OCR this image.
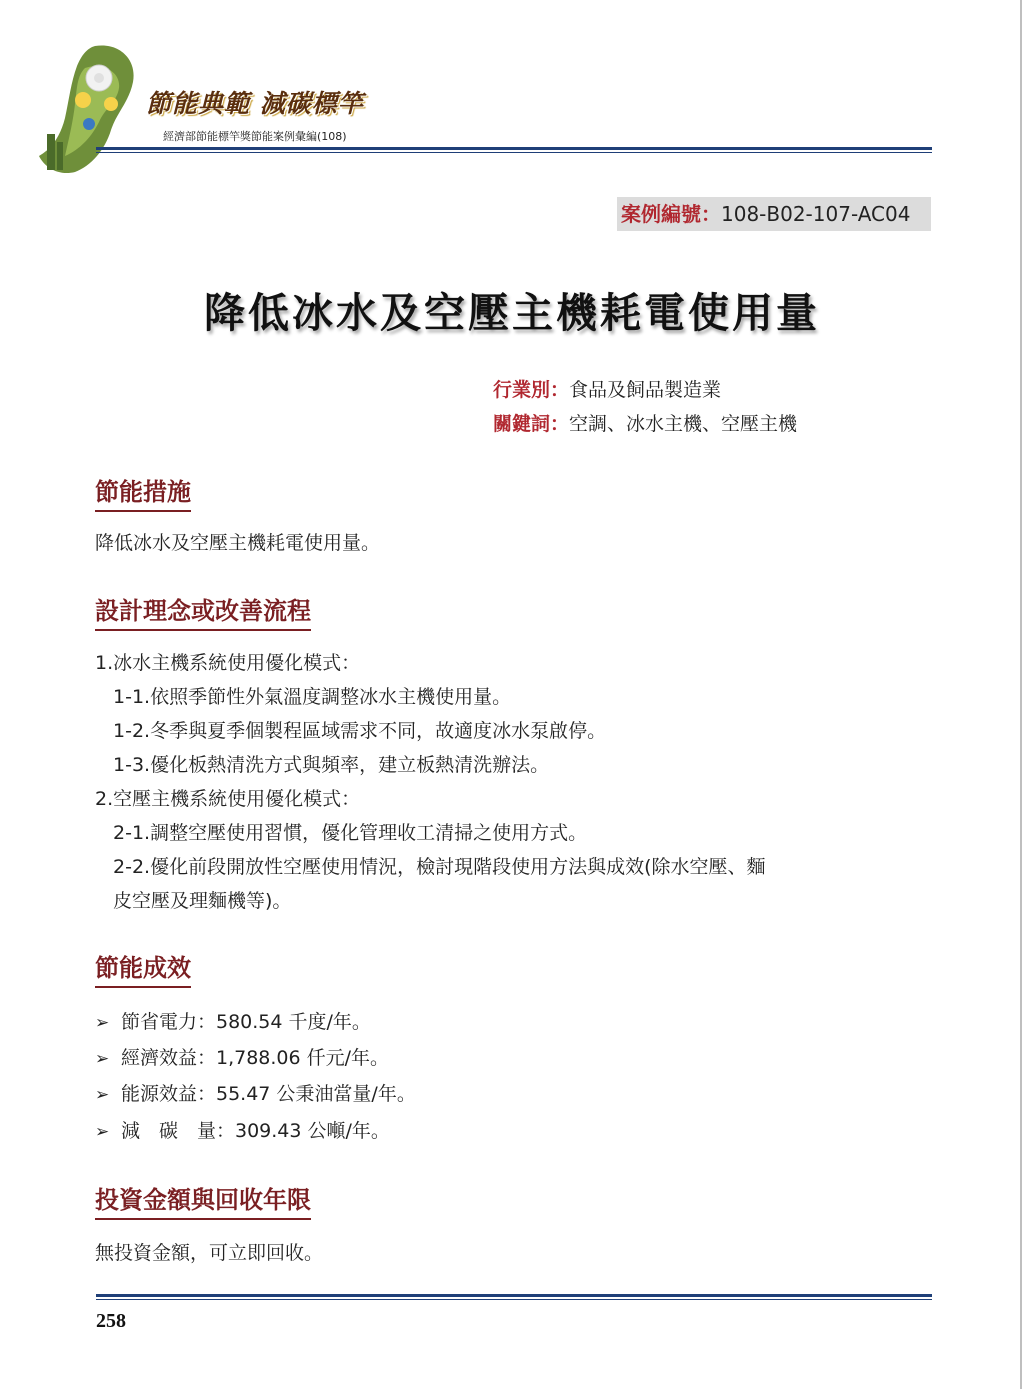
節能典範 減碳標竿
經濟部節能標竿獎節能案例彙編(108)
案例編號：108-B02-107-AC04
降低冰水及空壓主機耗電使用量
行業別：食品及飼品製造業
關鍵詞：空調、冰水主機、空壓主機
節能措施
降低冰水及空壓主機耗電使用量。
設計理念或改善流程
1.冰水主機系統使用優化模式：
1-1.依照季節性外氣溫度調整冰水主機使用量。
1-2.冬季與夏季個製程區域需求不同，故適度冰水泵啟停。
1-3.優化板熱清洗方式與頻率，建立板熱清洗辦法。
2.空壓主機系統使用優化模式：
2-1.調整空壓使用習慣，優化管理收工清掃之使用方式。
2-2.優化前段開放性空壓使用情況，檢討現階段使用方法與成效(除水空壓、麵
皮空壓及理麵機等)。
節能成效
➢ 節省電力：580.54 千度/年。
➢ 經濟效益：1,788.06 仟元/年。
➢ 能源效益：55.47 公秉油當量/年。
➢ 減　碳　量：309.43 公噸/年。
投資金額與回收年限
無投資金額，可立即回收。
258
